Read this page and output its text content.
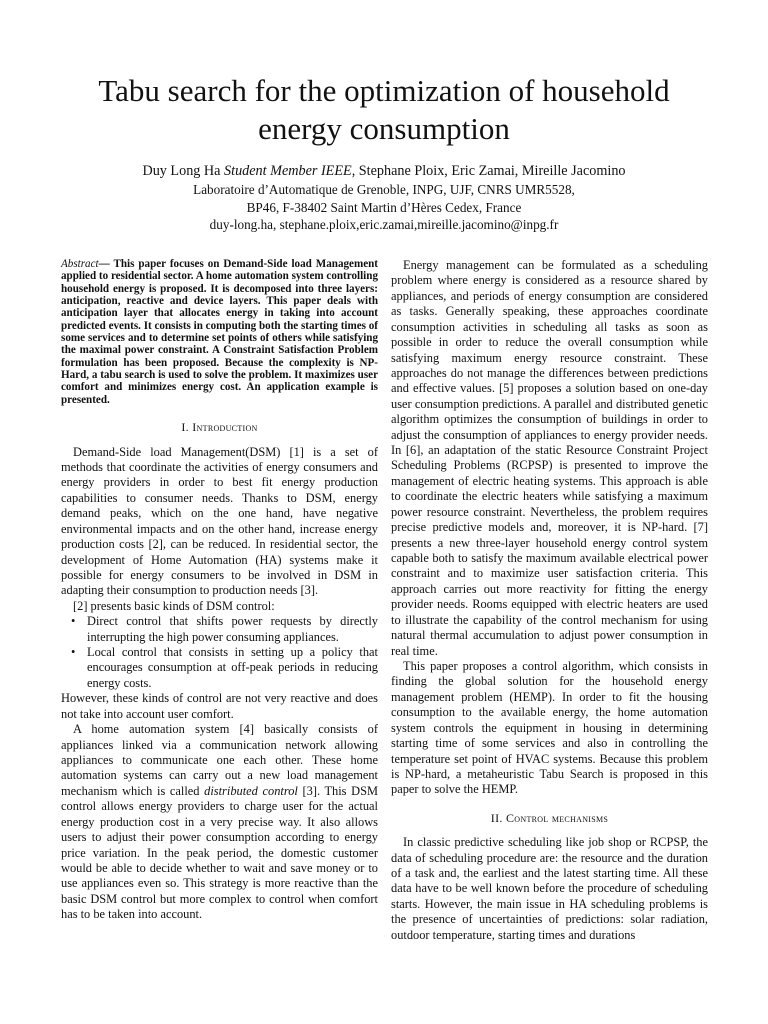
Tabu search for the optimization of household energy consumption
Duy Long Ha Student Member IEEE, Stephane Ploix, Eric Zamai, Mireille Jacomino
Laboratoire d’Automatique de Grenoble, INPG, UJF, CNRS UMR5528,
BP46, F-38402 Saint Martin d’Hères Cedex, France
duy-long.ha, stephane.ploix,eric.zamai,mireille.jacomino@inpg.fr
Abstract— This paper focuses on Demand-Side load Management applied to residential sector. A home automation system controlling household energy is proposed. It is decomposed into three layers: anticipation, reactive and device layers. This paper deals with anticipation layer that allocates energy in taking into account predicted events. It consists in computing both the starting times of some services and to determine set points of others while satisfying the maximal power constraint. A Constraint Satisfaction Problem formulation has been proposed. Because the complexity is NP-Hard, a tabu search is used to solve the problem. It maximizes user comfort and minimizes energy cost. An application example is presented.
I. Introduction

Demand-Side load Management(DSM) [1] is a set of methods that coordinate the activities of energy consumers and energy providers in order to best fit energy production capabilities to consumer needs. Thanks to DSM, energy demand peaks, which on the one hand, have negative environmental impacts and on the other hand, increase energy production costs [2], can be reduced. In residential sector, the development of Home Automation (HA) systems make it possible for energy consumers to be involved in DSM in adapting their consumption to production needs [3].

[2] presents basic kinds of DSM control:

• Direct control that shifts power requests by directly interrupting the high power consuming appliances.
• Local control that consists in setting up a policy that encourages consumption at off-peak periods in reducing energy costs.

However, these kinds of control are not very reactive and does not take into account user comfort.

A home automation system [4] basically consists of appliances linked via a communication network allowing appliances to communicate one each other. These home automation systems can carry out a new load management mechanism which is called distributed control [3]. This DSM control allows energy providers to charge user for the actual energy production cost in a very precise way. It also allows users to adjust their power consumption according to energy price variation. In the peak period, the domestic customer would be able to decide whether to wait and save money or to use appliances even so. This strategy is more reactive than the basic DSM control but more complex to control when comfort has to be taken into account.

Energy management can be formulated as a scheduling problem where energy is considered as a resource shared by appliances, and periods of energy consumption are considered as tasks. Generally speaking, these approaches coordinate consumption activities in scheduling all tasks as soon as possible in order to reduce the overall consumption while satisfying maximum energy resource constraint. These approaches do not manage the differences between predictions and effective values. [5] proposes a solution based on one-day user consumption predictions. A parallel and distributed genetic algorithm optimizes the consumption of buildings in order to adjust the consumption of appliances to energy provider needs. In [6], an adaptation of the static Resource Constraint Project Scheduling Problems (RCPSP) is presented to improve the management of electric heating systems. This approach is able to coordinate the electric heaters while satisfying a maximum power resource constraint. Nevertheless, the problem requires precise predictive models and, moreover, it is NP-hard. [7] presents a new three-layer household energy control system capable both to satisfy the maximum available electrical power constraint and to maximize user satisfaction criteria. This approach carries out more reactivity for fitting the energy provider needs. Rooms equipped with electric heaters are used to illustrate the capability of the control mechanism for using natural thermal accumulation to adjust power consumption in real time.

This paper proposes a control algorithm, which consists in finding the global solution for the household energy management problem (HEMP). In order to fit the housing consumption to the available energy, the home automation system controls the equipment in housing in determining starting time of some services and also in controlling the temperature set point of HVAC systems. Because this problem is NP-hard, a metaheuristic Tabu Search is proposed in this paper to solve the HEMP.

II. Control mechanisms

In classic predictive scheduling like job shop or RCPSP, the data of scheduling procedure are: the resource and the duration of a task and, the earliest and the latest starting time. All these data have to be well known before the procedure of scheduling starts. However, the main issue in HA scheduling problems is the presence of uncertainties of predictions: solar radiation, outdoor temperature, starting times and durations
